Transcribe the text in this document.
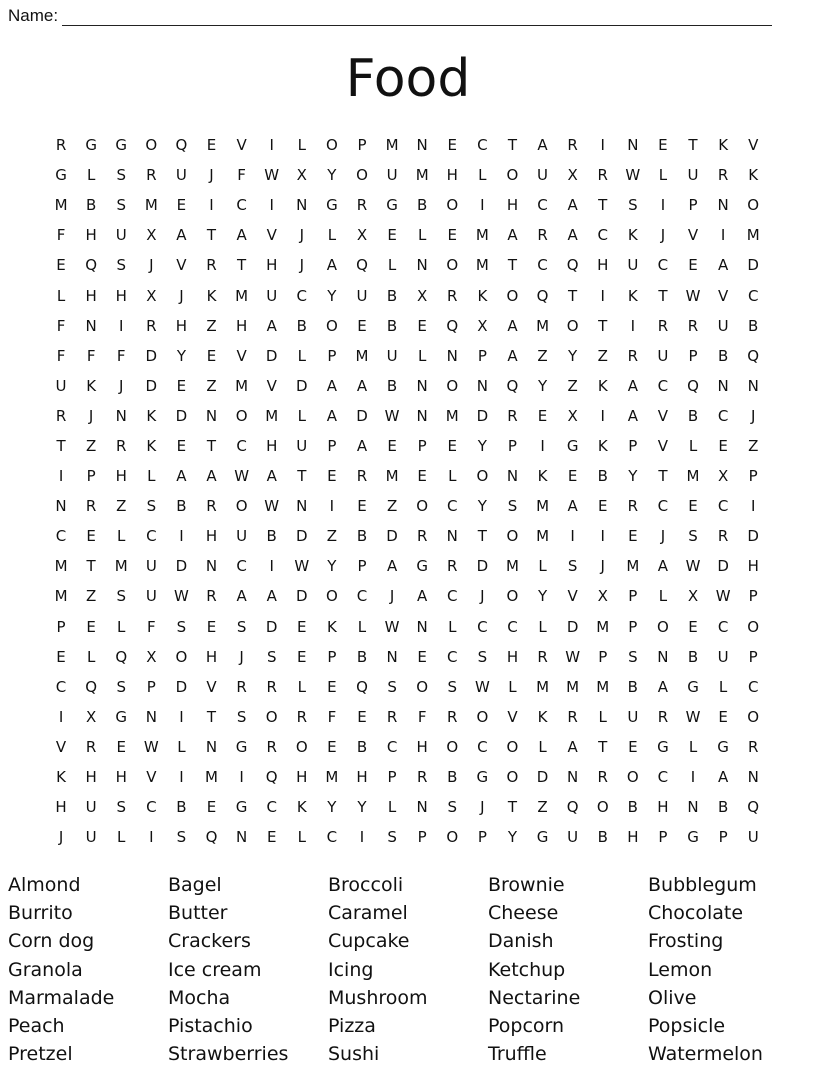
Name:
Food
R	G	G	O	Q	E	V	I	L	O	P	M	N	E	C	T	A	R	I	N	E	T	K	V
G	L	S	R	U	J	F	W	X	Y	O	U	M	H	L	O	U	X	R	W	L	U	R	K
M	B	S	M	E	I	C	I	N	G	R	G	B	O	I	H	C	A	T	S	I	P	N	O
F	H	U	X	A	T	A	V	J	L	X	E	L	E	M	A	R	A	C	K	J	V	I	M
E	Q	S	J	V	R	T	H	J	A	Q	L	N	O	M	T	C	Q	H	U	C	E	A	D
L	H	H	X	J	K	M	U	C	Y	U	B	X	R	K	O	Q	T	I	K	T	W	V	C
F	N	I	R	H	Z	H	A	B	O	E	B	E	Q	X	A	M	O	T	I	R	R	U	B
F	F	F	D	Y	E	V	D	L	P	M	U	L	N	P	A	Z	Y	Z	R	U	P	B	Q
U	K	J	D	E	Z	M	V	D	A	A	B	N	O	N	Q	Y	Z	K	A	C	Q	N	N
R	J	N	K	D	N	O	M	L	A	D	W	N	M	D	R	E	X	I	A	V	B	C	J
T	Z	R	K	E	T	C	H	U	P	A	E	P	E	Y	P	I	G	K	P	V	L	E	Z
I	P	H	L	A	A	W	A	T	E	R	M	E	L	O	N	K	E	B	Y	T	M	X	P
N	R	Z	S	B	R	O	W	N	I	E	Z	O	C	Y	S	M	A	E	R	C	E	C	I
C	E	L	C	I	H	U	B	D	Z	B	D	R	N	T	O	M	I	I	E	J	S	R	D
M	T	M	U	D	N	C	I	W	Y	P	A	G	R	D	M	L	S	J	M	A	W	D	H
M	Z	S	U	W	R	A	A	D	O	C	J	A	C	J	O	Y	V	X	P	L	X	W	P
P	E	L	F	S	E	S	D	E	K	L	W	N	L	C	C	L	D	M	P	O	E	C	O
E	L	Q	X	O	H	J	S	E	P	B	N	E	C	S	H	R	W	P	S	N	B	U	P
C	Q	S	P	D	V	R	R	L	E	Q	S	O	S	W	L	M	M	M	B	A	G	L	C
I	X	G	N	I	T	S	O	R	F	E	R	F	R	O	V	K	R	L	U	R	W	E	O
V	R	E	W	L	N	G	R	O	E	B	C	H	O	C	O	L	A	T	E	G	L	G	R
K	H	H	V	I	M	I	Q	H	M	H	P	R	B	G	O	D	N	R	O	C	I	A	N
H	U	S	C	B	E	G	C	K	Y	Y	L	N	S	J	T	Z	Q	O	B	H	N	B	Q
J	U	L	I	S	Q	N	E	L	C	I	S	P	O	P	Y	G	U	B	H	P	G	P	U
Almond	Bagel	Broccoli	Brownie	Bubblegum
Burrito	Butter	Caramel	Cheese	Chocolate
Corn dog	Crackers	Cupcake	Danish	Frosting
Granola	Ice cream	Icing	Ketchup	Lemon
Marmalade	Mocha	Mushroom	Nectarine	Olive
Peach	Pistachio	Pizza	Popcorn	Popsicle
Pretzel	Strawberries	Sushi	Truffle	Watermelon
